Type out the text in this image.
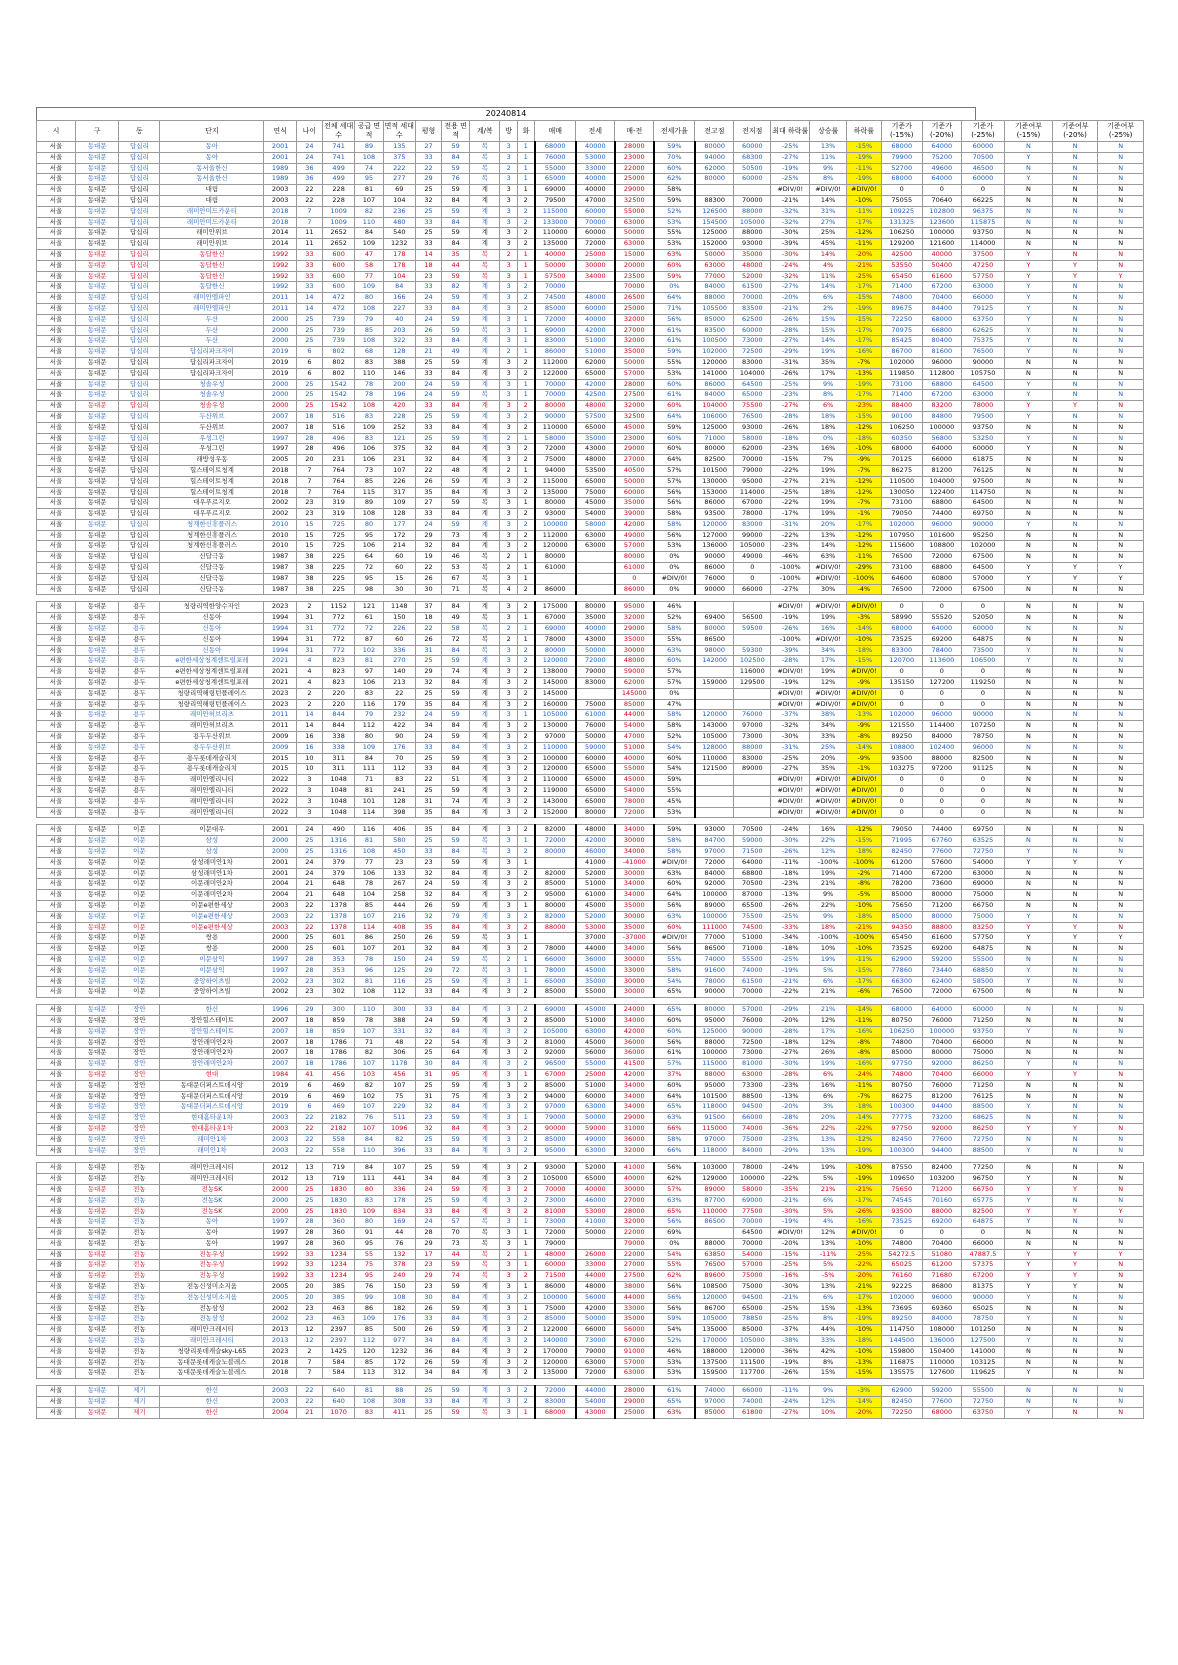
20240814
시	구	동	단지	연식	나이	전체 세대수	공급 면적	면적 세대수	평형	전용 면적	계/복	방	화	매매	전세	매-전	전세가율	전고점	전저점	최대 하락률	상승률	하락률	기준가 (-15%)	기준가 (-20%)	기준가 (-25%)	기준여부 (-15%)	기준여부 (-20%)	기준여부 (-25%)
서울	동대문	답십리	동아	2001	24	741	89	135	27	59	복	3	1	68000	40000	28000	59%	80000	60000	-25%	13%	-15%	68000	64000	60000	N	N	N
서울	동대문	답십리	동아	2001	24	741	108	375	33	84	복	3	1	76000	53000	23000	70%	94000	68300	-27%	11%	-19%	79900	75200	70500	Y	N	N
서울	동대문	답십리	동서울한신	1989	36	499	74	222	22	59	복	2	1	55000	33000	22000	60%	62000	50500	-19%	9%	-11%	52700	49600	46500	N	N	N
서울	동대문	답십리	동서울한신	1989	36	499	95	277	29	76	복	3	1	65000	40000	25000	62%	80000	60000	-25%	8%	-19%	68000	64000	60000	Y	N	N
서울	동대문	답십리	대림	2003	22	228	81	69	25	59	계	3	1	69000	40000	29000	58%			#DIV/0!	#DIV/0!	#DIV/0!	0	0	0	N	N	N
서울	동대문	답십리	대림	2003	22	228	107	104	32	84	계	3	2	79500	47000	32500	59%	88300	70000	-21%	14%	-10%	75055	70640	66225	N	N	N
서울	동대문	답십리	래미안미드카운티	2018	7	1009	82	236	25	59	계	3	2	115000	60000	55000	52%	126500	88000	-32%	31%	-11%	109225	102800	96375	N	N	N
서울	동대문	답십리	래미안미드카운티	2018	7	1009	110	480	33	84	계	3	2	133000	70000	63000	53%	154500	105000	-32%	27%	-17%	131325	123600	115875	N	N	N
서울	동대문	답십리	래미안위브	2014	11	2652	84	540	25	59	계	3	2	110000	60000	50000	55%	125000	88000	-30%	25%	-12%	106250	100000	93750	N	N	N
서울	동대문	답십리	래미안위브	2014	11	2652	109	1232	33	84	계	3	2	135000	72000	63000	53%	152000	93000	-39%	45%	-11%	129200	121600	114000	N	N	N
서울	동대문	답십리	동답한신	1992	33	600	47	178	14	35	복	2	1	40000	25000	15000	63%	50000	35000	-30%	14%	-20%	42500	40000	37500	Y	N	N
서울	동대문	답십리	동답한신	1992	33	600	58	178	18	44	복	3	1	50000	30000	20000	60%	63000	48000	-24%	4%	-21%	53550	50400	47250	Y	Y	N
서울	동대문	답십리	동답한신	1992	33	600	77	104	23	59	복	3	1	57500	34000	23500	59%	77000	52000	-32%	11%	-25%	65450	61600	57750	Y	Y	Y
서울	동대문	답십리	동답한신	1992	33	600	109	84	33	82	계	3	2	70000		70000	0%	84000	61500	-27%	14%	-17%	71400	67200	63000	Y	N	N
서울	동대문	답십리	래미안엘파인	2011	14	472	80	166	24	59	계	3	2	74500	48000	26500	64%	88000	70000	-20%	6%	-15%	74800	70400	66000	Y	N	N
서울	동대문	답십리	래미안엘파인	2011	14	472	108	227	33	84	계	3	2	85000	60000	25000	71%	105500	83500	-21%	2%	-19%	89675	84400	79125	Y	N	N
서울	동대문	답십리	두산	2000	25	739	79	40	24	59	계	3	1	72000	40000	32000	56%	85000	62500	-26%	15%	-15%	72250	68000	63750	Y	N	N
서울	동대문	답십리	두산	2000	25	739	85	203	26	59	복	3	1	69000	42000	27000	61%	83500	60000	-28%	15%	-17%	70975	66800	62625	Y	N	N
서울	동대문	답십리	두산	2000	25	739	108	322	33	84	계	3	1	83000	51000	32000	61%	100500	73000	-27%	14%	-17%	85425	80400	75375	Y	N	N
서울	동대문	답십리	답십리파크자이	2019	6	802	68	128	21	49	계	2	1	86000	51000	35000	59%	102000	72500	-29%	19%	-16%	86700	81600	76500	Y	N	N
서울	동대문	답십리	답십리파크자이	2019	6	802	83	388	25	59	계	3	2	112000	62000	50000	55%	120000	83000	-31%	35%	-7%	102000	96000	90000	N	N	N
서울	동대문	답십리	답십리파크자이	2019	6	802	110	146	33	84	계	3	2	122000	65000	57000	53%	141000	104000	-26%	17%	-13%	119850	112800	105750	N	N	N
서울	동대문	답십리	청솔우성	2000	25	1542	78	200	24	59	계	3	1	70000	42000	28000	60%	86000	64500	-25%	9%	-19%	73100	68800	64500	Y	N	N
서울	동대문	답십리	청솔우성	2000	25	1542	78	196	24	59	복	3	1	70000	42500	27500	61%	84000	65000	-23%	8%	-17%	71400	67200	63000	Y	N	N
서울	동대문	답십리	청솔우성	2000	25	1542	108	420	33	84	계	3	2	80000	48000	32000	60%	104000	75500	-27%	6%	-23%	88400	83200	78000	Y	Y	N
서울	동대문	답십리	두산위브	2007	18	516	83	228	25	59	계	3	2	90000	57500	32500	64%	106000	76500	-28%	18%	-15%	90100	84800	79500	Y	N	N
서울	동대문	답십리	두산위브	2007	18	516	109	252	33	84	계	3	2	110000	65000	45000	59%	125000	93000	-26%	18%	-12%	106250	100000	93750	N	N	N
서울	동대문	답십리	우성그린	1997	28	496	83	121	25	59	계	2	1	58000	35000	23000	60%	71000	58000	-18%	0%	-18%	60350	56800	53250	Y	N	N
서울	동대문	답십리	우성그린	1997	28	496	106	375	32	84	계	3	2	72000	43000	29000	60%	80000	62000	-23%	16%	-10%	68000	64000	60000	Y	N	N
서울	동대문	답십리	래방성우동	2005	20	231	106	231	32	84	계	3	2	75000	48000	27000	64%	82500	70000	-15%	7%	-9%	70125	66000	61875	N	N	N
서울	동대문	답십리	힐스테이트청계	2018	7	764	73	107	22	48	계	2	1	94000	53500	40500	57%	101500	79000	-22%	19%	-7%	86275	81200	76125	N	N	N
서울	동대문	답십리	힐스테이트청계	2018	7	764	85	226	26	59	계	3	2	115000	65000	50000	57%	130000	95000	-27%	21%	-12%	110500	104000	97500	N	N	N
서울	동대문	답십리	힐스테이트청계	2018	7	764	115	317	35	84	계	3	2	135000	75000	60000	56%	153000	114000	-25%	18%	-12%	130050	122400	114750	N	N	N
서울	동대문	답십리	대우푸르지오	2002	23	319	89	109	27	59	복	3	1	80000	45000	35000	56%	86000	67000	-22%	19%	-7%	73100	68800	64500	N	N	N
서울	동대문	답십리	대우푸르지오	2002	23	319	108	128	33	84	계	3	2	93000	54000	39000	58%	93500	78000	-17%	19%	-1%	79050	74400	69750	N	N	N
서울	동대문	답십리	청계한신휴플러스	2010	15	725	80	177	24	59	계	3	2	100000	58000	42000	58%	120000	83000	-31%	20%	-17%	102000	96000	90000	Y	N	N
서울	동대문	답십리	청계한신휴플러스	2010	15	725	95	172	29	73	계	3	2	112000	63000	49000	56%	127000	99000	-22%	13%	-12%	107950	101600	95250	N	N	N
서울	동대문	답십리	청계한신휴플러스	2010	15	725	106	214	32	84	계	3	2	120000	63000	57000	53%	136000	105000	-23%	14%	-12%	115600	108800	102000	N	N	N
서울	동대문	답십리	신답극동	1987	38	225	64	60	19	46	복	2	1	80000		80000	0%	90000	49000	-46%	63%	-11%	76500	72000	67500	N	N	N
서울	동대문	답십리	신답극동	1987	38	225	72	60	22	53	복	2	1	61000		61000	0%	86000	0	-100%	#DIV/0!	-29%	73100	68800	64500	Y	Y	Y
서울	동대문	답십리	신답극동	1987	38	225	95	15	26	67	복	3	1			0	#DIV/0!	76000	0	-100%	#DIV/0!	-100%	64600	60800	57000	Y	Y	Y
서울	동대문	답십리	신답극동	1987	38	225	98	30	30	71	복	4	2	86000		86000	0%	90000	66000	-27%	30%	-4%	76500	72000	67500	N	N	N

서울	동대문	용두	청량리역한양수자인	2023	2	1152	121	1148	37	84	계	3	2	175000	80000	95000	46%			#DIV/0!	#DIV/0!	#DIV/0!	0	0	0	N	N	N
서울	동대문	용두	신동아	1994	31	772	61	150	18	49	복	3	1	67000	35000	32000	52%	69400	56500	-19%	19%	-3%	58990	55520	52050	N	N	N
서울	동대문	용두	신동아	1994	31	772	72	226	22	58	복	2	1	69000	40000	29000	58%	80000	59500	-26%	16%	-14%	68000	64000	60000	N	N	N
서울	동대문	용두	신동아	1994	31	772	87	60	26	72	복	2	1	78000	43000	35000	55%	86500		-100%	#DIV/0!	-10%	73525	69200	64875	N	N	N
서울	동대문	용두	신동아	1994	31	772	102	336	31	84	복	3	2	80000	50000	30000	63%	98000	59300	-39%	34%	-18%	83300	78400	73500	Y	N	N
서울	동대문	용두	e편한세상청계센트럴포레	2021	4	823	81	270	25	59	계	3	2	120000	72000	48000	60%	142000	102500	-28%	17%	-15%	120700	113600	106500	Y	N	N
서울	동대문	용두	e편한세상청계센트럴포레	2021	4	823	97	140	29	74	계	3	2	138000	79000	59000	57%		116000	#DIV/0!	19%	#DIV/0!	0	0	0	N	N	N
서울	동대문	용두	e편한세상청계센트럴포레	2021	4	823	106	213	32	84	계	3	2	145000	83000	62000	57%	159000	129500	-19%	12%	-9%	135150	127200	119250	N	N	N
서울	동대문	용두	청량리역해링턴플레이스	2023	2	220	83	22	25	59	계	3	2	145000		145000	0%			#DIV/0!	#DIV/0!	#DIV/0!	0	0	0	N	N	N
서울	동대문	용두	청량리역해링턴플레이스	2023	2	220	116	179	35	84	계	3	2	160000	75000	85000	47%			#DIV/0!	#DIV/0!	#DIV/0!	0	0	0	N	N	N
서울	동대문	용두	래미안허브리츠	2011	14	844	79	232	24	59	계	3	1	105000	61000	44000	58%	120000	76000	-37%	38%	-13%	102000	96000	90000	N	N	N
서울	동대문	용두	래미안허브리츠	2011	14	844	112	422	34	84	계	3	2	130000	76000	54000	58%	143000	97000	-32%	34%	-9%	121550	114400	107250	N	N	N
서울	동대문	용두	용두두산위브	2009	16	338	80	90	24	59	계	3	2	97000	50000	47000	52%	105000	73000	-30%	33%	-8%	89250	84000	78750	N	N	N
서울	동대문	용두	용두두산위브	2009	16	338	109	176	33	84	계	3	2	110000	59000	51000	54%	128000	88000	-31%	25%	-14%	108800	102400	96000	N	N	N
서울	동대문	용두	용두롯데캐슬리치	2015	10	311	84	70	25	59	계	3	2	100000	60000	40000	60%	110000	83000	-25%	20%	-9%	93500	88000	82500	N	N	N
서울	동대문	용두	용두롯데캐슬리치	2015	10	311	111	112	33	84	계	3	2	120000	65000	55000	54%	121500	89000	-27%	35%	-1%	103275	97200	91125	N	N	N
서울	동대문	용두	래미안엘리니티	2022	3	1048	71	83	22	51	계	3	2	110000	65000	45000	59%			#DIV/0!	#DIV/0!	#DIV/0!	0	0	0	N	N	N
서울	동대문	용두	래미안엘리니티	2022	3	1048	81	241	25	59	계	3	2	119000	65000	54000	55%			#DIV/0!	#DIV/0!	#DIV/0!	0	0	0	N	N	N
서울	동대문	용두	래미안엘리니티	2022	3	1048	101	128	31	74	계	3	2	143000	65000	78000	45%			#DIV/0!	#DIV/0!	#DIV/0!	0	0	0	N	N	N
서울	동대문	용두	래미안엘리니티	2022	3	1048	114	398	35	84	계	3	2	152000	80000	72000	53%			#DIV/0!	#DIV/0!	#DIV/0!	0	0	0	N	N	N

서울	동대문	이문	이문대우	2001	24	490	116	406	35	84	계	3	2	82000	48000	34000	59%	93000	70500	-24%	16%	-12%	79050	74400	69750	N	N	N
서울	동대문	이문	삼성	2000	25	1316	81	580	25	59	복	3	1	72000	42000	30000	58%	84700	59000	-30%	22%	-15%	71995	67760	63525	N	N	N
서울	동대문	이문	삼성	2000	25	1316	108	450	33	84	복	3	2	80000	46000	34000	58%	97000	71500	-26%	12%	-18%	82450	77600	72750	Y	N	N
서울	동대문	이문	삼성래미안1차	2001	24	379	77	23	23	59	계	3	1		41000	-41000	#DIV/0!	72000	64000	-11%	-100%	-100%	61200	57600	54000	Y	Y	Y
서울	동대문	이문	삼성래미안1차	2001	24	379	106	133	32	84	계	3	2	82000	52000	30000	63%	84000	68800	-18%	19%	-2%	71400	67200	63000	N	N	N
서울	동대문	이문	이문래미안2차	2004	21	648	78	267	24	59	계	3	2	85000	51000	34000	60%	92000	70500	-23%	21%	-8%	78200	73600	69000	N	N	N
서울	동대문	이문	이문래미안2차	2004	21	648	104	258	32	84	계	3	2	95000	61000	34000	64%	100000	87000	-13%	9%	-5%	85000	80000	75000	N	N	N
서울	동대문	이문	이문e편한세상	2003	22	1378	85	444	26	59	계	3	1	80000	45000	35000	56%	89000	65500	-26%	22%	-10%	75650	71200	66750	N	N	N
서울	동대문	이문	이문e편한세상	2003	22	1378	107	216	32	79	계	3	2	82000	52000	30000	63%	100000	75500	-25%	9%	-18%	85000	80000	75000	Y	N	N
서울	동대문	이문	이문e편한세상	2003	22	1378	114	408	35	84	계	3	2	88000	53000	35000	60%	111000	74500	-33%	18%	-21%	94350	88800	83250	Y	Y	N
서울	동대문	이문	쌍용	2000	25	601	86	250	26	59	복	3	1		37000	-37000	#DIV/0!	77000	51000	-34%	-100%	-100%	65450	61600	57750	Y	Y	Y
서울	동대문	이문	쌍용	2000	25	601	107	201	32	84	계	3	2	78000	44000	34000	56%	86500	71000	-18%	10%	-10%	73525	69200	64875	N	N	N
서울	동대문	이문	이문삼익	1997	28	353	78	150	24	59	복	2	1	66000	36000	30000	55%	74000	55500	-25%	19%	-11%	62900	59200	55500	N	N	N
서울	동대문	이문	이문삼익	1997	28	353	96	125	29	72	복	3	1	78000	45000	33000	58%	91600	74000	-19%	5%	-15%	77860	73440	68850	Y	N	N
서울	동대문	이문	중앙하이츠빌	2002	23	302	81	116	25	59	계	3	1	65000	35000	30000	54%	78000	61500	-21%	6%	-17%	66300	62400	58500	Y	N	N
서울	동대문	이문	중앙하이츠빌	2002	23	302	108	112	33	84	계	3	2	85000	55000	30000	65%	90000	70000	-22%	21%	-6%	76500	72000	67500	N	N	N

서울	동대문	장안	한신	1996	29	300	110	300	33	84	계	3	2	69000	45000	24000	65%	80000	57000	-29%	21%	-14%	68000	64000	60000	N	N	N
서울	동대문	장안	장안힐스테이트	2007	18	859	78	388	24	59	계	3	2	85000	51000	34000	60%	95000	76000	-20%	12%	-11%	80750	76000	71250	N	N	N
서울	동대문	장안	장안힐스테이트	2007	18	859	107	331	32	84	계	3	2	105000	63000	42000	60%	125000	90000	-28%	17%	-16%	106250	100000	93750	Y	N	N
서울	동대문	장안	장안래미안2차	2007	18	1786	71	48	22	54	계	3	2	81000	45000	36000	56%	88000	72500	-18%	12%	-8%	74800	70400	66000	N	N	N
서울	동대문	장안	장안래미안2차	2007	18	1786	82	306	25	64	계	3	2	92000	56000	36000	61%	100000	73000	-27%	26%	-8%	85000	80000	75000	N	N	N
서울	동대문	장안	장안래미안2차	2007	18	1786	107	1178	30	84	계	3	2	96500	55000	41500	57%	115000	81000	-30%	19%	-16%	97750	92000	86250	Y	N	N
서울	동대문	장안	현대	1984	41	456	103	456	31	95	계	3	1	67000	25000	42000	37%	88000	63000	-28%	6%	-24%	74800	70400	66000	Y	Y	N
서울	동대문	장안	동대문더퍼스트데시앙	2019	6	469	82	107	25	59	계	3	2	85000	51000	34000	60%	95000	73300	-23%	16%	-11%	80750	76000	71250	N	N	N
서울	동대문	장안	동대문더퍼스트데시앙	2019	6	469	102	75	31	75	계	3	2	94000	60000	34000	64%	101500	88500	-13%	6%	-7%	86275	81200	76125	N	N	N
서울	동대문	장안	동대문더퍼스트데시앙	2019	6	469	107	229	32	84	계	3	2	97000	63000	34000	65%	118000	94500	-20%	3%	-18%	100300	94400	88500	Y	N	N
서울	동대문	장안	현대홈타운1차	2003	22	2182	76	511	23	59	계	3	1	79000	50000	29000	63%	91500	66000	-28%	20%	-14%	77775	73200	68625	N	N	N
서울	동대문	장안	현대홈타운1차	2003	22	2182	107	1096	32	84	계	3	2	90000	59000	31000	66%	115000	74000	-36%	22%	-22%	97750	92000	86250	Y	Y	N
서울	동대문	장안	래미안1차	2003	22	558	84	82	25	59	계	3	2	85000	49000	36000	58%	97000	75000	-23%	13%	-12%	82450	77600	72750	N	N	N
서울	동대문	장안	래미안1차	2003	22	558	110	396	33	84	계	3	2	95000	63000	32000	66%	118000	84000	-29%	13%	-19%	100300	94400	88500	Y	N	N

서울	동대문	전농	래미안크레시티	2012	13	719	84	107	25	59	계	3	2	93000	52000	41000	56%	103000	78000	-24%	19%	-10%	87550	82400	77250	N	N	N
서울	동대문	전농	래미안크레시티	2012	13	719	111	441	34	84	계	3	2	105000	65000	40000	62%	129000	100000	-22%	5%	-19%	109650	103200	96750	Y	N	N
서울	동대문	전농	전농SK	2000	25	1830	80	336	24	59	계	3	2	70000	40000	30000	57%	89000	58000	-35%	21%	-21%	75650	71200	66750	Y	Y	N
서울	동대문	전농	전농SK	2000	25	1830	83	178	25	59	계	3	2	73000	46000	27000	63%	87700	69000	-21%	6%	-17%	74545	70160	65775	Y	N	N
서울	동대문	전농	전농SK	2000	25	1830	109	834	33	84	계	3	2	81000	53000	28000	65%	110000	77500	-30%	5%	-26%	93500	88000	82500	Y	Y	Y
서울	동대문	전농	동아	1997	28	360	80	169	24	57	복	3	1	73000	41000	32000	56%	86500	70000	-19%	4%	-16%	73525	69200	64875	Y	N	N
서울	동대문	전농	동아	1997	28	360	91	44	28	70	복	3	1	72000	50000	22000	69%		64500	#DIV/0!	12%	#DIV/0!	0	0	0	N	N	N
서울	동대문	전농	동아	1997	28	360	95	76	29	73	복	3	1	79000		79000	0%	88000	70000	-20%	13%	-10%	74800	70400	66000	N	N	N
서울	동대문	전농	전농우성	1992	33	1234	55	132	17	44	복	2	1	48000	26000	22000	54%	63850	54000	-15%	-11%	-25%	54272.5	51080	47887.5	Y	Y	Y
서울	동대문	전농	전농우성	1992	33	1234	75	378	23	59	복	3	1	60000	33000	27000	55%	76500	57000	-25%	5%	-22%	65025	61200	57375	Y	Y	N
서울	동대문	전농	전농우성	1992	33	1234	95	240	29	74	복	3	2	71500	44000	27500	62%	89600	75000	-16%	-5%	-20%	76160	71680	67200	Y	Y	N
서울	동대문	전농	전농신성미소지움	2005	20	385	76	150	23	59	계	3	1	86000	48000	38000	56%	108500	75000	-30%	13%	-21%	92225	86800	81375	Y	Y	N
서울	동대문	전농	전농신성미소지움	2005	20	385	99	108	30	84	계	3	2	100000	56000	44000	56%	120000	94500	-21%	6%	-17%	102000	96000	90000	Y	N	N
서울	동대문	전농	전농삼성	2002	23	463	86	182	26	59	계	3	1	75000	42000	33000	56%	86700	65000	-25%	15%	-13%	73695	69360	65025	N	N	N
서울	동대문	전농	전농삼성	2002	23	463	109	176	33	84	계	3	2	85000	50000	35000	59%	105000	78850	-25%	8%	-19%	89250	84000	78750	Y	N	N
서울	동대문	전농	래미안크레시티	2013	12	2397	85	500	26	59	계	3	2	122000	66000	56000	54%	135000	85000	-37%	44%	-10%	114750	108000	101250	N	N	N
서울	동대문	전농	래미안크레시티	2013	12	2397	112	977	34	84	계	3	2	140000	73000	67000	52%	170000	105000	-38%	33%	-18%	144500	136000	127500	Y	N	N
서울	동대문	전농	청량리롯데캐슬sky-L65	2023	2	1425	120	1232	36	84	계	3	2	170000	79000	91000	46%	188000	120000	-36%	42%	-10%	159800	150400	141000	N	N	N
서울	동대문	전농	동대문롯데캐슬노블레스	2018	7	584	85	172	26	59	계	3	2	120000	63000	57000	53%	137500	111500	-19%	8%	-13%	116875	110000	103125	N	N	N
서울	동대문	전농	동대문롯데캐슬노블레스	2018	7	584	113	312	34	84	계	3	2	135000	72000	63000	53%	159500	117700	-26%	15%	-15%	135575	127600	119625	Y	N	N

서울	동대문	제기	한신	2003	22	640	81	88	25	59	계	3	2	72000	44000	28000	61%	74000	66000	-11%	9%	-3%	62900	59200	55500	N	N	N
서울	동대문	제기	한신	2003	22	640	108	308	33	84	계	3	2	83000	54000	29000	65%	97000	74000	-24%	12%	-14%	82450	77600	72750	N	N	N
서울	동대문	제기	한신	2004	21	1070	83	411	25	59	복	3	1	68000	43000	25000	63%	85000	61800	-27%	10%	-20%	72250	68000	63750	Y	N	N
